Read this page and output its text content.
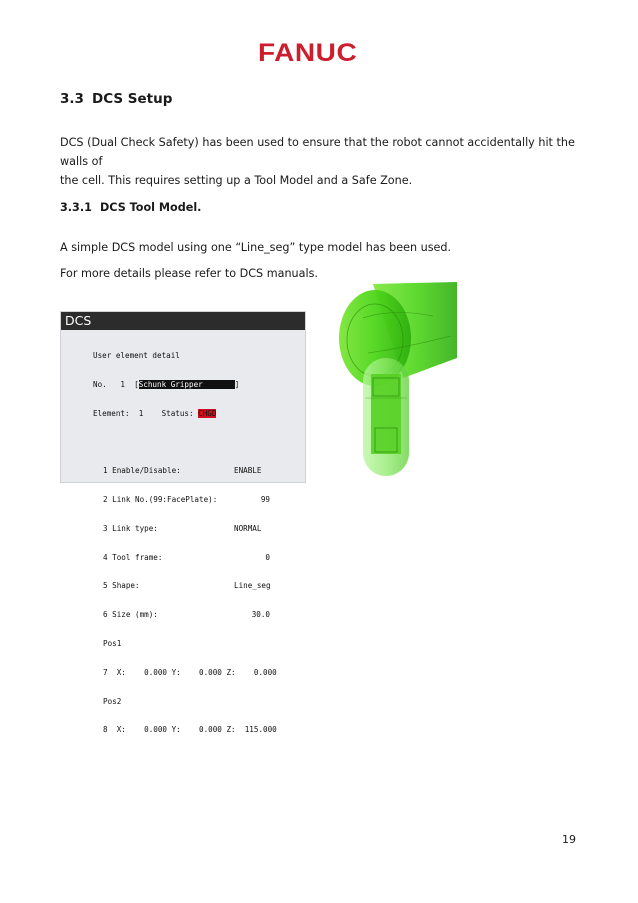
FANUC
3.3 DCS Setup
DCS (Dual Check Safety) has been used to ensure that the robot cannot accidentally hit the walls of
the cell. This requires setting up a Tool Model and a Safe Zone.
3.3.1 DCS Tool Model.
A simple DCS model using one “Line_seg” type model has been used.
For more details please refer to DCS manuals.
DCS

User element detail

No.   1  [Schunk Gripper       ]

Element:  1    Status: CHGD

1 Enable/Disable:	ENABLE

2 Link No.(99:FacePlate):	99

3 Link type:	NORMAL

4 Tool frame:	0

5 Shape:	Line_seg

6 Size (mm):	30.0

Pos1

7  X:    0.000 Y:    0.000 Z:    0.000

Pos2

8  X:    0.000 Y:    0.000 Z:  115.000

19
